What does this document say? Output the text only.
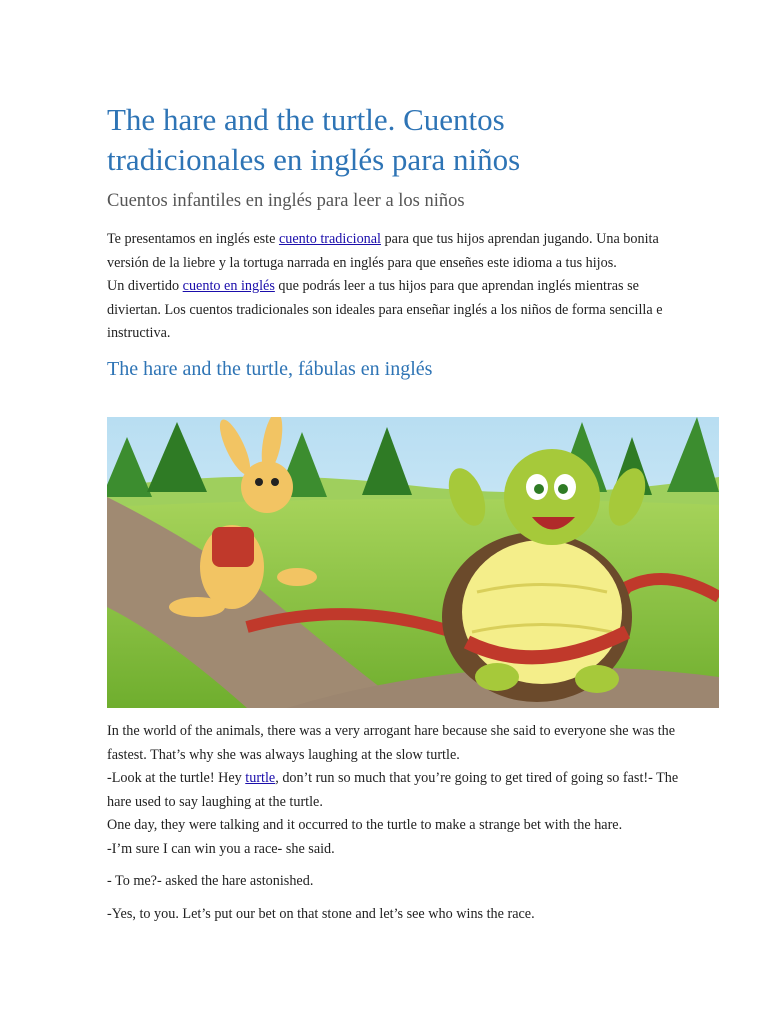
The hare and the turtle. Cuentos tradicionales en inglés para niños
Cuentos infantiles en inglés para leer a los niños

Te presentamos en inglés este cuento tradicional para que tus hijos aprendan jugando. Una bonita versión de la liebre y la tortuga narrada en inglés para que enseñes este idioma a tus hijos.

Un divertido cuento en inglés que podrás leer a tus hijos para que aprendan inglés mientras se diviertan. Los cuentos tradicionales son ideales para enseñar inglés a los niños de forma sencilla e instructiva.

The hare and the turtle, fábulas en inglés

In the world of the animals, there was a very arrogant hare because she said to everyone she was the fastest. That’s why she was always laughing at the slow turtle.

-Look at the turtle! Hey turtle, don’t run so much that you’re going to get tired of going so fast!- The hare used to say laughing at the turtle.

One day, they were talking and it occurred to the turtle to make a strange bet with the hare.

-I’m sure I can win you a race- she said.

- To me?- asked the hare astonished.

-Yes, to you. Let’s put our bet on that stone and let’s see who wins the race.
